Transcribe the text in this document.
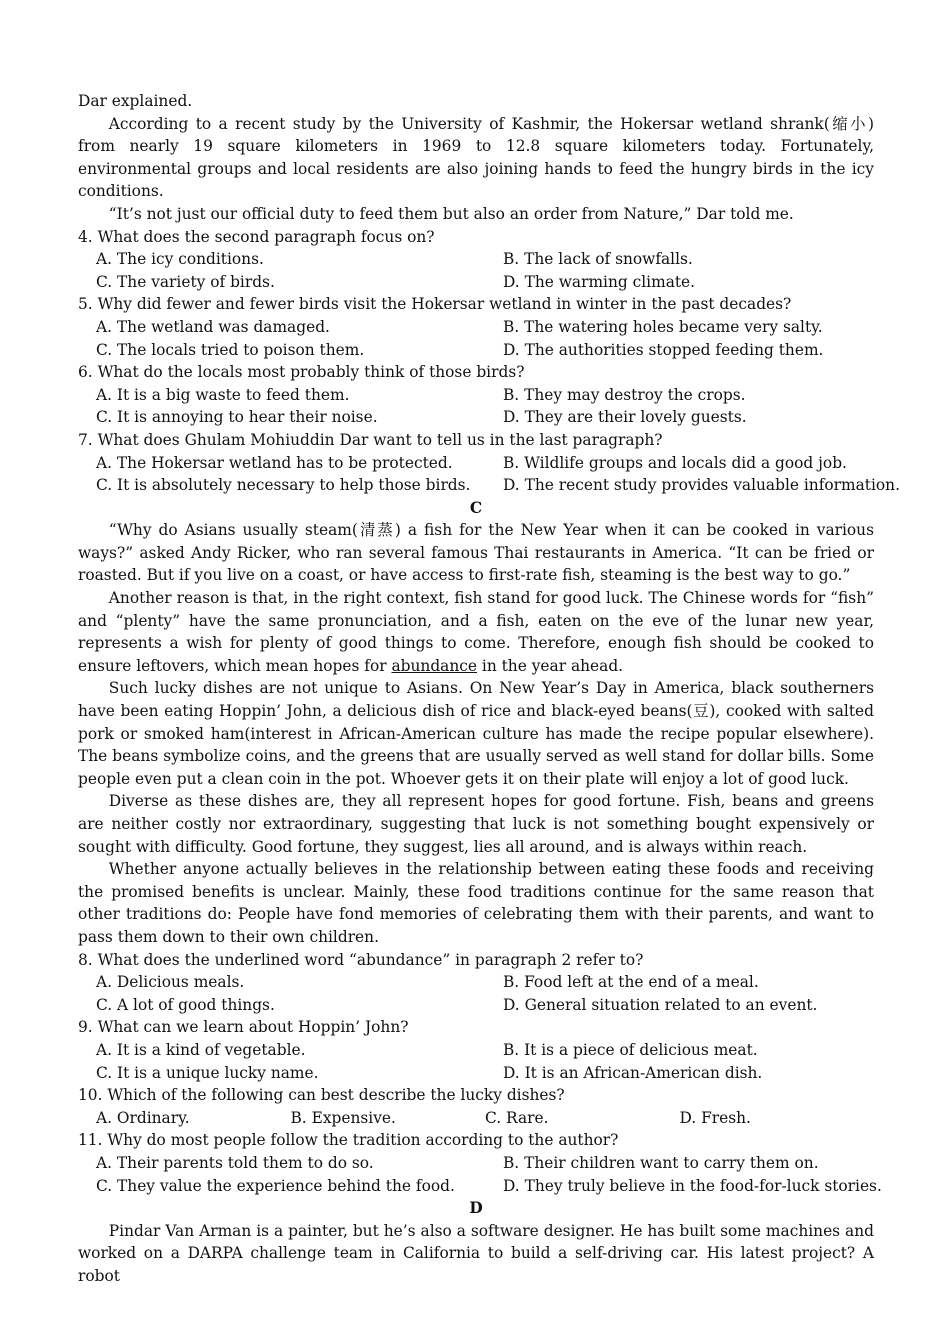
Dar explained.

According to a recent study by the University of Kashmir, the Hokersar wetland shrank(缩小) from nearly 19 square kilometers in 1969 to 12.8 square kilometers today. Fortunately, environmental groups and local residents are also joining hands to feed the hungry birds in the icy conditions.

“It’s not just our official duty to feed them but also an order from Nature,” Dar told me.

4. What does the second paragraph focus on?

A. The icy conditions.	B. The lack of snowfalls.
C. The variety of birds.	D. The warming climate.

5. Why did fewer and fewer birds visit the Hokersar wetland in winter in the past decades?

A. The wetland was damaged.	B. The watering holes became very salty.
C. The locals tried to poison them.	D. The authorities stopped feeding them.

6. What do the locals most probably think of those birds?

A. It is a big waste to feed them.	B. They may destroy the crops.
C. It is annoying to hear their noise.	D. They are their lovely guests.

7. What does Ghulam Mohiuddin Dar want to tell us in the last paragraph?

A. The Hokersar wetland has to be protected.	B. Wildlife groups and locals did a good job.
C. It is absolutely necessary to help those birds.	D. The recent study provides valuable information.

C

“Why do Asians usually steam(清蒸) a fish for the New Year when it can be cooked in various ways?” asked Andy Ricker, who ran several famous Thai restaurants in America. “It can be fried or roasted. But if you live on a coast, or have access to first-rate fish, steaming is the best way to go.”

Another reason is that, in the right context, fish stand for good luck. The Chinese words for “fish” and “plenty” have the same pronunciation, and a fish, eaten on the eve of the lunar new year, represents a wish for plenty of good things to come. Therefore, enough fish should be cooked to ensure leftovers, which mean hopes for abundance in the year ahead.

Such lucky dishes are not unique to Asians. On New Year’s Day in America, black southerners have been eating Hoppin’ John, a delicious dish of rice and black-eyed beans(豆), cooked with salted pork or smoked ham(interest in African-American culture has made the recipe popular elsewhere). The beans symbolize coins, and the greens that are usually served as well stand for dollar bills. Some people even put a clean coin in the pot. Whoever gets it on their plate will enjoy a lot of good luck.

Diverse as these dishes are, they all represent hopes for good fortune. Fish, beans and greens are neither costly nor extraordinary, suggesting that luck is not something bought expensively or sought with difficulty. Good fortune, they suggest, lies all around, and is always within reach.

Whether anyone actually believes in the relationship between eating these foods and receiving the promised benefits is unclear. Mainly, these food traditions continue for the same reason that other traditions do: People have fond memories of celebrating them with their parents, and want to pass them down to their own children.

8. What does the underlined word “abundance” in paragraph 2 refer to?

A. Delicious meals.	B. Food left at the end of a meal.
C. A lot of good things.	D. General situation related to an event.

9. What can we learn about Hoppin’ John?

A. It is a kind of vegetable.	B. It is a piece of delicious meat.
C. It is a unique lucky name.	D. It is an African-American dish.

10. Which of the following can best describe the lucky dishes?

A. Ordinary.	B. Expensive.	C. Rare.	D. Fresh.

11. Why do most people follow the tradition according to the author?

A. Their parents told them to do so.	B. Their children want to carry them on.
C. They value the experience behind the food.	D. They truly believe in the food-for-luck stories.

D

Pindar Van Arman is a painter, but he’s also a software designer. He has built some machines and worked on a DARPA challenge team in California to build a self-driving car. His latest project? A robot
